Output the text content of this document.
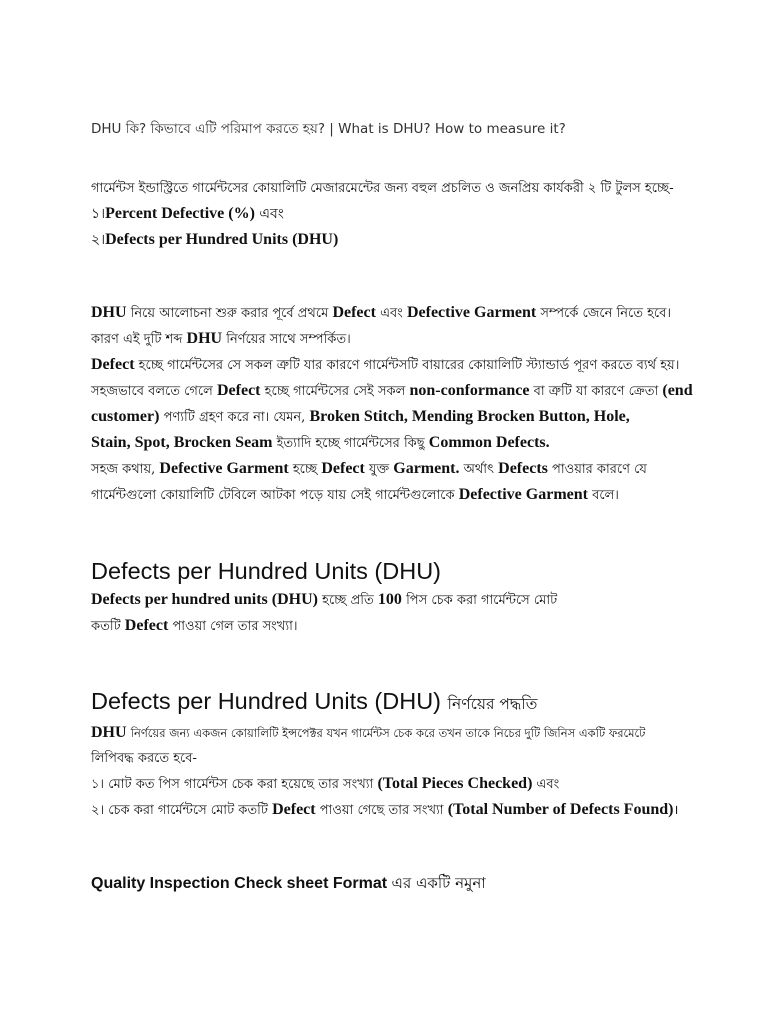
DHU কি? কিভাবে এটি পরিমাপ করতে হয়? | What is DHU? How to measure it?
গার্মেন্টস ইন্ডাস্ট্রিতে গার্মেন্টসের কোয়ালিটি মেজারমেন্টের জন্য বহুল প্রচলিত ও জনপ্রিয় কার্যকরী ২ টি টুলস হচ্ছে-
১।Percent Defective (%) এবং
২।Defects per Hundred Units (DHU)
DHU নিয়ে আলোচনা শুরু করার পূর্বে প্রথমে Defect এবং Defective Garment সম্পর্কে জেনে নিতে হবে।
কারণ এই দুটি শব্দ DHU নির্ণয়ের সাথে সম্পর্কিত।
Defect হচ্ছে গার্মেন্টসের সে সকল ত্রুটি যার কারণে গার্মেন্টসটি বায়ারের কোয়ালিটি স্ট্যান্ডার্ড পূরণ করতে ব্যর্থ হয়।
সহজভাবে বলতে গেলে Defect হচ্ছে গার্মেন্টসের সেই সকল non-conformance বা ত্রুটি যা কারণে ক্রেতা (end
customer) পণ্যটি গ্রহণ করে না। যেমন, Broken Stitch, Mending Brocken Button, Hole,
Stain, Spot, Brocken Seam ইত্যাদি হচ্ছে গার্মেন্টসের কিছু Common Defects.
সহজ কথায়, Defective Garment হচ্ছে Defect যুক্ত Garment. অর্থাৎ Defects পাওয়ার কারণে যে
গার্মেন্টগুলো কোয়ালিটি টেবিলে আটকা পড়ে যায় সেই গার্মেন্টগুলোকে Defective Garment বলে।
Defects per Hundred Units (DHU)
Defects per hundred units (DHU) হচ্ছে প্রতি 100 পিস চেক করা গার্মেন্টসে মোট
কতটি Defect পাওয়া গেল তার সংখ্যা।
Defects per Hundred Units (DHU) নির্ণয়ের পদ্ধতি
DHU নির্ণয়ের জন্য একজন কোয়ালিটি ইন্সপেক্টর যখন গার্মেন্টস চেক করে তখন তাকে নিচের দুটি জিনিস একটি ফরমেটে
লিপিবদ্ধ করতে হবে-
১। মোট কত পিস গার্মেন্টস চেক করা হয়েছে তার সংখ্যা (Total Pieces Checked) এবং
২। চেক করা গার্মেন্টসে মোট কতটি Defect পাওয়া গেছে তার সংখ্যা (Total Number of Defects Found)।
Quality Inspection Check sheet Format এর একটি নমুনা
